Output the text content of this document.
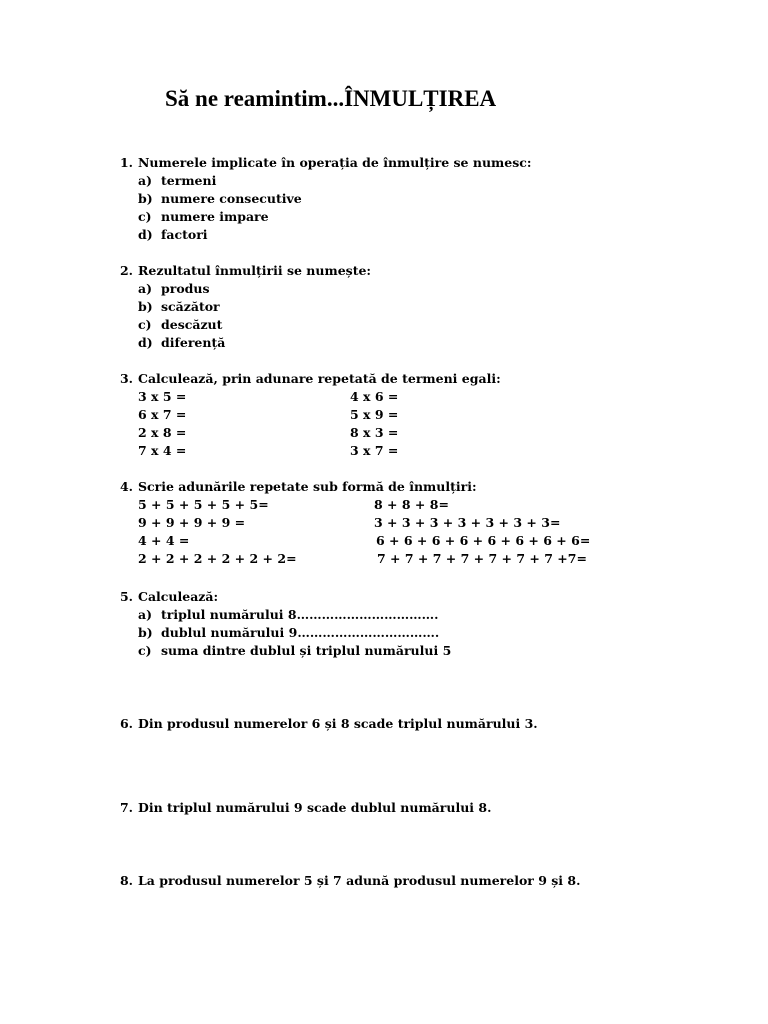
Să ne reamintim...ÎNMULȚIREA
1. Numerele implicate în operația de înmulțire se numesc:
a) termeni
b) numere consecutive
c) numere impare
d) factori
2. Rezultatul înmulțirii se numește:
a) produs
b) scăzător
c) descăzut
d) diferență
3. Calculează, prin adunare repetată de termeni egali:
3 x 5 =	4 x 6 =
6 x 7 =	5 x 9 =
2 x 8 =	8 x 3 =
7 x 4 =	3 x 7 =
4. Scrie adunările repetate sub formă de înmulțiri:
5 + 5 + 5 + 5 + 5=	8 + 8 + 8=
9 + 9 + 9 + 9 =	3 + 3 + 3 + 3 + 3 + 3 + 3=
4 + 4 =	6 + 6 + 6 + 6 + 6 + 6 + 6 + 6=
2 + 2 + 2 + 2 + 2 + 2=	7 + 7 + 7 + 7 + 7 + 7 + 7 +7=
5. Calculează:
a) triplul numărului 8…………………………….
b) dublul numărului 9…………………………….
c) suma dintre dublul și triplul numărului 5
6. Din produsul numerelor 6 și 8 scade triplul numărului 3.
7. Din triplul numărului 9 scade dublul numărului 8.
8. La produsul numerelor 5 și 7 adună produsul numerelor 9 și 8.
